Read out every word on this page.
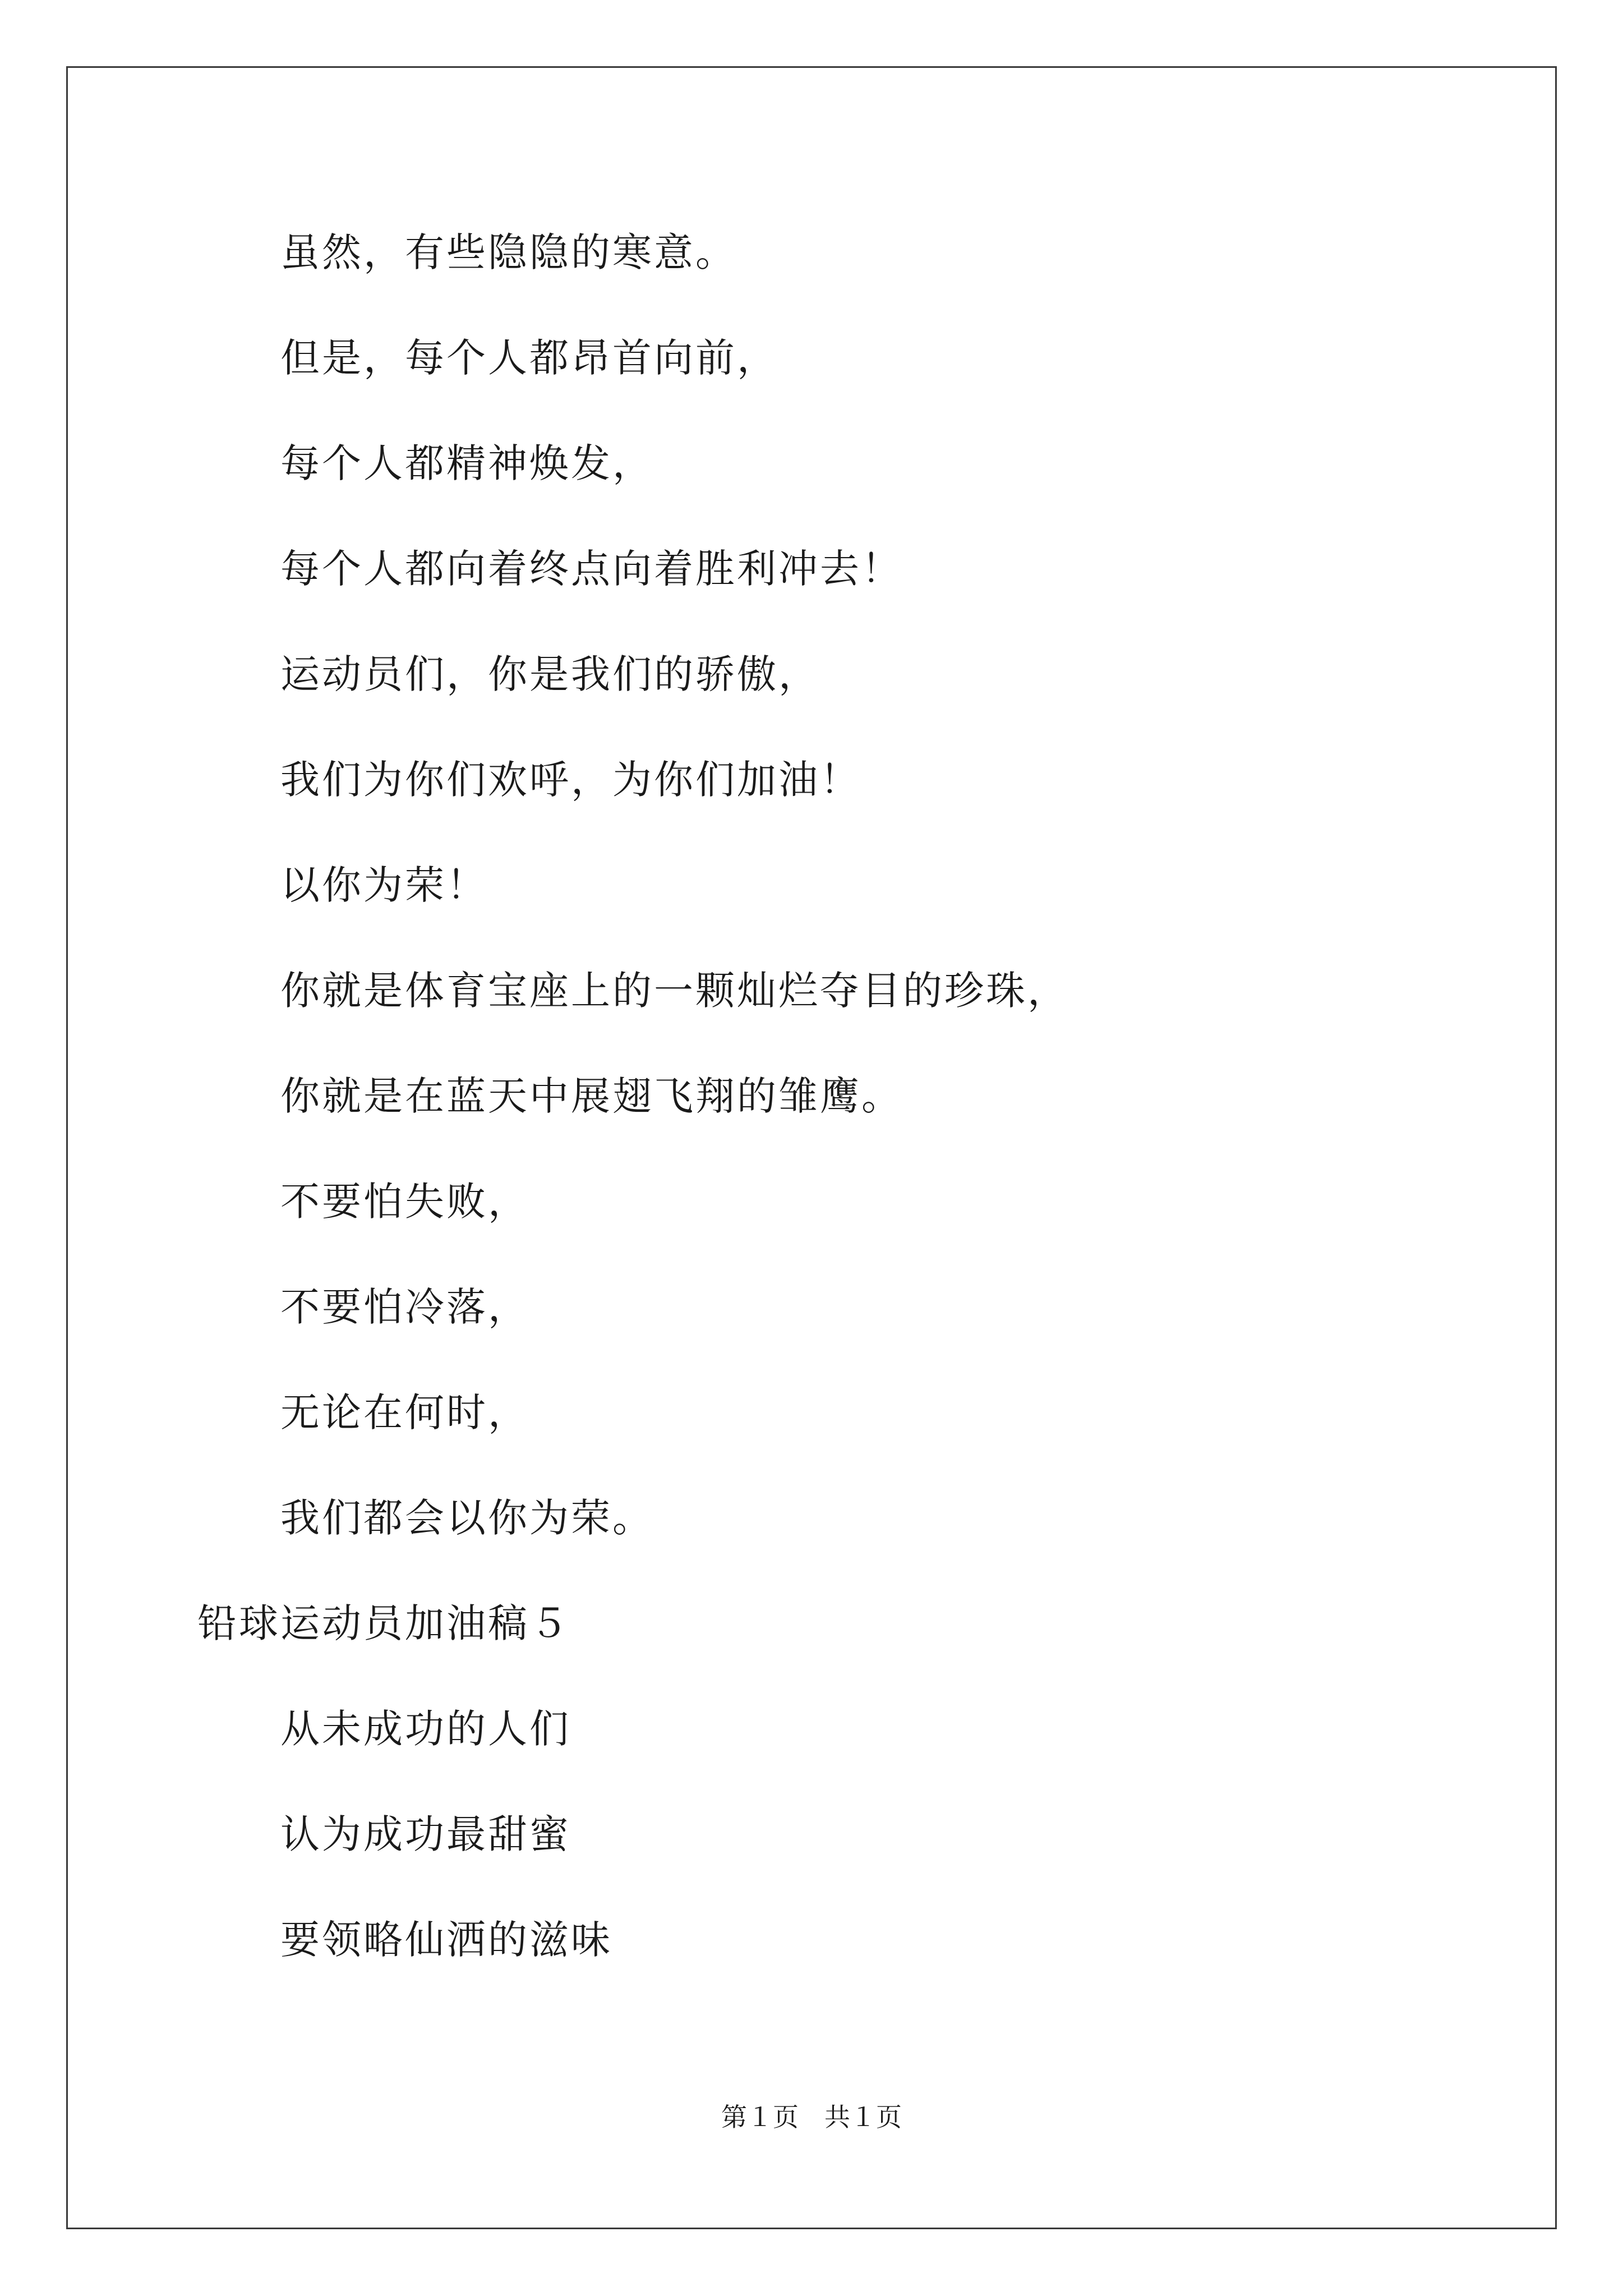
虽然，有些隐隐的寒意。
但是，每个人都昂首向前，
每个人都精神焕发，
每个人都向着终点向着胜利冲去！
运动员们，你是我们的骄傲，
我们为你们欢呼，为你们加油！
以你为荣！
你就是体育宝座上的一颗灿烂夺目的珍珠，
你就是在蓝天中展翅飞翔的雏鹰。
不要怕失败，
不要怕冷落，
无论在何时，
我们都会以你为荣。
铅球运动员加油稿５
从未成功的人们
认为成功最甜蜜
要领略仙洒的滋味
第１页　共１页
